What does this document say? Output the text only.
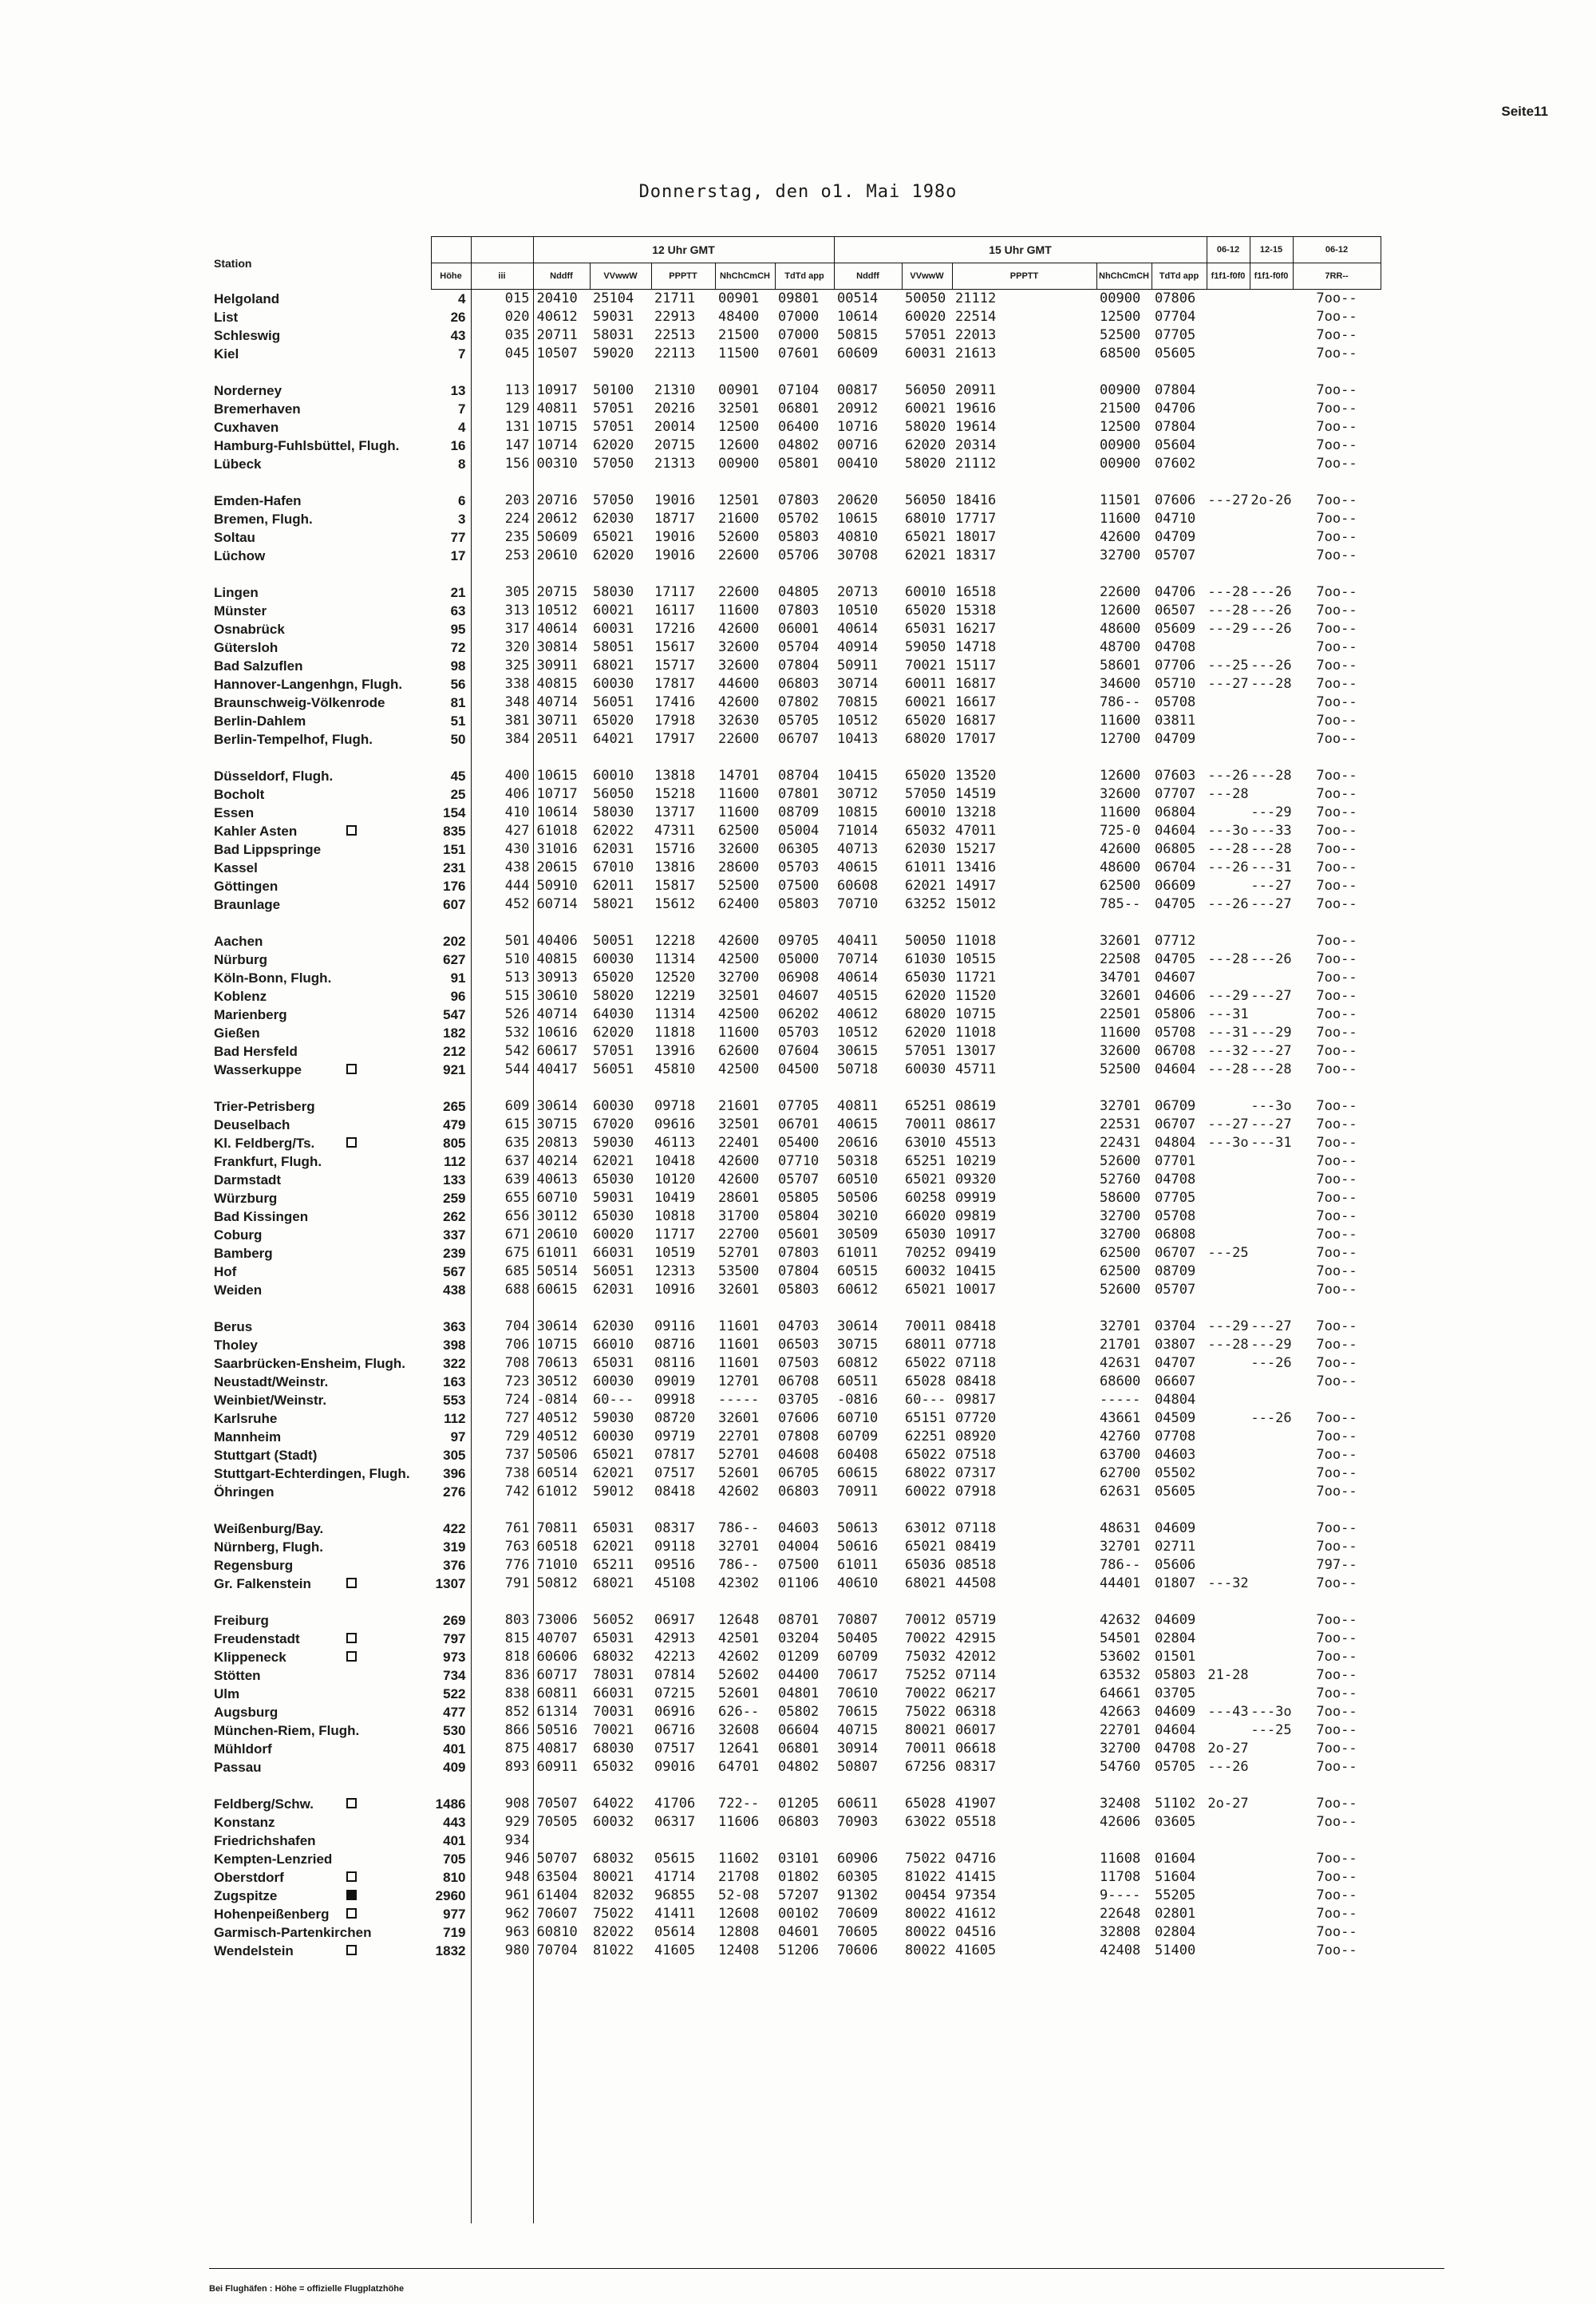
Seite11
Donnerstag, den o1. Mai 198o
Station			12 Uhr GMT					15 Uhr GMT					06-12	12-15	06-12
	Höhe	iii	Nddff	VVwwW	PPPTT	NhChCmCH	TdTd app	Nddff	VVwwW	PPPTT	NhChCmCH	TdTd app	f1f1-f0f0	f1f1-f0f0	7RR--
Helgoland	4	015	20410	25104	21711	00901	09801	00514	50050	21112	00900	07806			7oo--
List	26	020	40612	59031	22913	48400	07000	10614	60020	22514	12500	07704			7oo--
Schleswig	43	035	20711	58031	22513	21500	07000	50815	57051	22013	52500	07705			7oo--
Kiel	7	045	10507	59020	22113	11500	07601	60609	60031	21613	68500	05605			7oo--

Norderney	13	113	10917	50100	21310	00901	07104	00817	56050	20911	00900	07804			7oo--
Bremerhaven	7	129	40811	57051	20216	32501	06801	20912	60021	19616	21500	04706			7oo--
Cuxhaven	4	131	10715	57051	20014	12500	06400	10716	58020	19614	12500	07804			7oo--
Hamburg-Fuhlsbüttel, Flugh.	16	147	10714	62020	20715	12600	04802	00716	62020	20314	00900	05604			7oo--
Lübeck	8	156	00310	57050	21313	00900	05801	00410	58020	21112	00900	07602			7oo--

Emden-Hafen	6	203	20716	57050	19016	12501	07803	20620	56050	18416	11501	07606	---27	2o-26	7oo--
Bremen, Flugh.	3	224	20612	62030	18717	21600	05702	10615	68010	17717	11600	04710			7oo--
Soltau	77	235	50609	65021	19016	52600	05803	40810	65021	18017	42600	04709			7oo--
Lüchow	17	253	20610	62020	19016	22600	05706	30708	62021	18317	32700	05707			7oo--

Lingen	21	305	20715	58030	17117	22600	04805	20713	60010	16518	22600	04706	---28	---26	7oo--
Münster	63	313	10512	60021	16117	11600	07803	10510	65020	15318	12600	06507	---28	---26	7oo--
Osnabrück	95	317	40614	60031	17216	42600	06001	40614	65031	16217	48600	05609	---29	---26	7oo--
Gütersloh	72	320	30814	58051	15617	32600	05704	40914	59050	14718	48700	04708			7oo--
Bad Salzuflen	98	325	30911	68021	15717	32600	07804	50911	70021	15117	58601	07706	---25	---26	7oo--
Hannover-Langenhgn, Flugh.	56	338	40815	60030	17817	44600	06803	30714	60011	16817	34600	05710	---27	---28	7oo--
Braunschweig-Völkenrode	81	348	40714	56051	17416	42600	07802	70815	60021	16617	786--	05708			7oo--
Berlin-Dahlem	51	381	30711	65020	17918	32630	05705	10512	65020	16817	11600	03811			7oo--
Berlin-Tempelhof, Flugh.	50	384	20511	64021	17917	22600	06707	10413	68020	17017	12700	04709			7oo--

Düsseldorf, Flugh.	45	400	10615	60010	13818	14701	08704	10415	65020	13520	12600	07603	---26	---28	7oo--
Bocholt	25	406	10717	56050	15218	11600	07801	30712	57050	14519	32600	07707	---28		7oo--
Essen	154	410	10614	58030	13717	11600	08709	10815	60010	13218	11600	06804		---29	7oo--
Kahler Asten	835	427	61018	62022	47311	62500	05004	71014	65032	47011	725-0	04604	---3o	---33	7oo--
Bad Lippspringe	151	430	31016	62031	15716	32600	06305	40713	62030	15217	42600	06805	---28	---28	7oo--
Kassel	231	438	20615	67010	13816	28600	05703	40615	61011	13416	48600	06704	---26	---31	7oo--
Göttingen	176	444	50910	62011	15817	52500	07500	60608	62021	14917	62500	06609		---27	7oo--
Braunlage	607	452	60714	58021	15612	62400	05803	70710	63252	15012	785--	04705	---26	---27	7oo--

Aachen	202	501	40406	50051	12218	42600	09705	40411	50050	11018	32601	07712			7oo--
Nürburg	627	510	40815	60030	11314	42500	05000	70714	61030	10515	22508	04705	---28	---26	7oo--
Köln-Bonn, Flugh.	91	513	30913	65020	12520	32700	06908	40614	65030	11721	34701	04607			7oo--
Koblenz	96	515	30610	58020	12219	32501	04607	40515	62020	11520	32601	04606	---29	---27	7oo--
Marienberg	547	526	40714	64030	11314	42500	06202	40612	68020	10715	22501	05806	---31		7oo--
Gießen	182	532	10616	62020	11818	11600	05703	10512	62020	11018	11600	05708	---31	---29	7oo--
Bad Hersfeld	212	542	60617	57051	13916	62600	07604	30615	57051	13017	32600	06708	---32	---27	7oo--
Wasserkuppe	921	544	40417	56051	45810	42500	04500	50718	60030	45711	52500	04604	---28	---28	7oo--

Trier-Petrisberg	265	609	30614	60030	09718	21601	07705	40811	65251	08619	32701	06709		---3o	7oo--
Deuselbach	479	615	30715	67020	09616	32501	06701	40615	70011	08617	22531	06707	---27	---27	7oo--
Kl. Feldberg/Ts.	805	635	20813	59030	46113	22401	05400	20616	63010	45513	22431	04804	---3o	---31	7oo--
Frankfurt, Flugh.	112	637	40214	62021	10418	42600	07710	50318	65251	10219	52600	07701			7oo--
Darmstadt	133	639	40613	65030	10120	42600	05707	60510	65021	09320	52760	04708			7oo--
Würzburg	259	655	60710	59031	10419	28601	05805	50506	60258	09919	58600	07705			7oo--
Bad Kissingen	262	656	30112	65030	10818	31700	05804	30210	66020	09819	32700	05708			7oo--
Coburg	337	671	20610	60020	11717	22700	05601	30509	65030	10917	32700	06808			7oo--
Bamberg	239	675	61011	66031	10519	52701	07803	61011	70252	09419	62500	06707	---25		7oo--
Hof	567	685	50514	56051	12313	53500	07804	60515	60032	10415	62500	08709			7oo--
Weiden	438	688	60615	62031	10916	32601	05803	60612	65021	10017	52600	05707			7oo--

Berus	363	704	30614	62030	09116	11601	04703	30614	70011	08418	32701	03704	---29	---27	7oo--
Tholey	398	706	10715	66010	08716	11601	06503	30715	68011	07718	21701	03807	---28	---29	7oo--
Saarbrücken-Ensheim, Flugh.	322	708	70613	65031	08116	11601	07503	60812	65022	07118	42631	04707		---26	7oo--
Neustadt/Weinstr.	163	723	30512	60030	09019	12701	06708	60511	65028	08418	68600	06607			7oo--
Weinbiet/Weinstr.	553	724	-0814	60---	09918	-----	03705	-0816	60---	09817	-----	04804			
Karlsruhe	112	727	40512	59030	08720	32601	07606	60710	65151	07720	43661	04509		---26	7oo--
Mannheim	97	729	40512	60030	09719	22701	07808	60709	62251	08920	42760	07708			7oo--
Stuttgart (Stadt)	305	737	50506	65021	07817	52701	04608	60408	65022	07518	63700	04603			7oo--
Stuttgart-Echterdingen, Flugh.	396	738	60514	62021	07517	52601	06705	60615	68022	07317	62700	05502			7oo--
Öhringen	276	742	61012	59012	08418	42602	06803	70911	60022	07918	62631	05605			7oo--

Weißenburg/Bay.	422	761	70811	65031	08317	786--	04603	50613	63012	07118	48631	04609			7oo--
Nürnberg, Flugh.	319	763	60518	62021	09118	32701	04004	50616	65021	08419	32701	02711			7oo--
Regensburg	376	776	71010	65211	09516	786--	07500	61011	65036	08518	786--	05606			797--
Gr. Falkenstein	1307	791	50812	68021	45108	42302	01106	40610	68021	44508	44401	01807	---32		7oo--

Freiburg	269	803	73006	56052	06917	12648	08701	70807	70012	05719	42632	04609			7oo--
Freudenstadt	797	815	40707	65031	42913	42501	03204	50405	70022	42915	54501	02804			7oo--
Klippeneck	973	818	60606	68032	42213	42602	01209	60709	75032	42012	53602	01501			7oo--
Stötten	734	836	60717	78031	07814	52602	04400	70617	75252	07114	63532	05803	21-28		7oo--
Ulm	522	838	60811	66031	07215	52601	04801	70610	70022	06217	64661	03705			7oo--
Augsburg	477	852	61314	70031	06916	626--	05802	70615	75022	06318	42663	04609	---43	---3o	7oo--
München-Riem, Flugh.	530	866	50516	70021	06716	32608	06604	40715	80021	06017	22701	04604		---25	7oo--
Mühldorf	401	875	40817	68030	07517	12641	06801	30914	70011	06618	32700	04708	2o-27		7oo--
Passau	409	893	60911	65032	09016	64701	04802	50807	67256	08317	54760	05705	---26		7oo--

Feldberg/Schw.	1486	908	70507	64022	41706	722--	01205	60611	65028	41907	32408	51102	2o-27		7oo--
Konstanz	443	929	70505	60032	06317	11606	06803	70903	63022	05518	42606	03605			7oo--
Friedrichshafen	401	934													
Kempten-Lenzried	705	946	50707	68032	05615	11602	03101	60906	75022	04716	11608	01604			7oo--
Oberstdorf	810	948	63504	80021	41714	21708	01802	60305	81022	41415	11708	51604			7oo--
Zugspitze	2960	961	61404	82032	96855	52-08	57207	91302	00454	97354	9----	55205			7oo--
Hohenpeißenberg	977	962	70607	75022	41411	12608	00102	70609	80022	41612	22648	02801			7oo--
Garmisch-Partenkirchen	719	963	60810	82022	05614	12808	04601	70605	80022	04516	32808	02804			7oo--
Wendelstein	1832	980	70704	81022	41605	12408	51206	70606	80022	41605	42408	51400			7oo--

Bei Flughäfen : Höhe = offizielle Flugplatzhöhe
